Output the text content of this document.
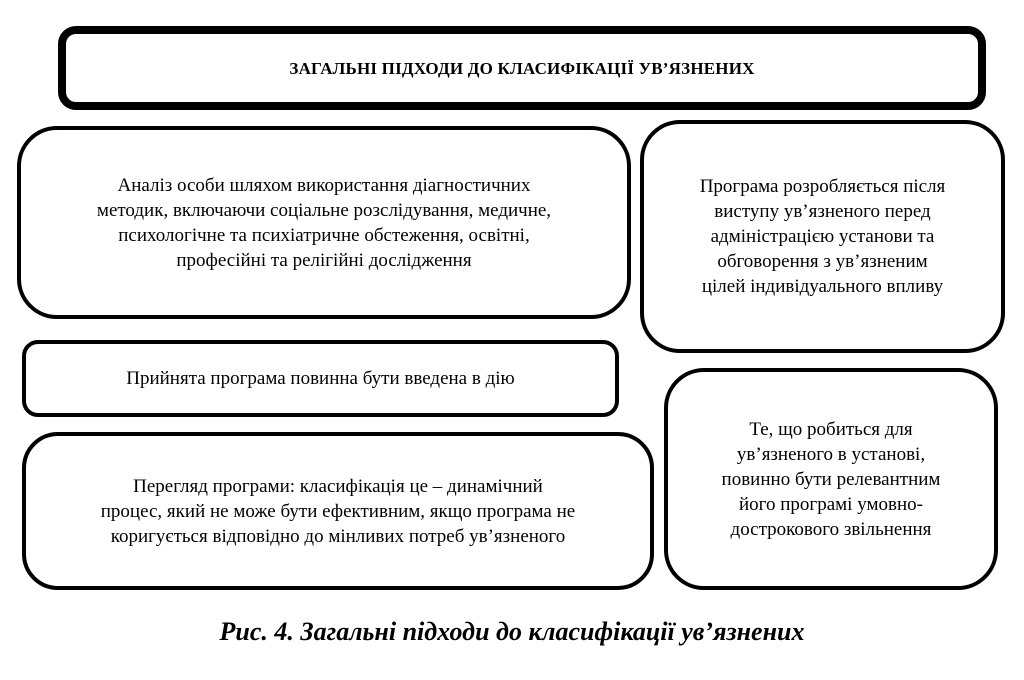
ЗАГАЛЬНІ ПІДХОДИ ДО КЛАСИФІКАЦІЇ УВ’ЯЗНЕНИХ
Аналіз особи шляхом використання діагностичних
методик, включаючи соціальне розслідування, медичне,
психологічне та психіатричне обстеження, освітні,
професійні та релігійні дослідження
Програма розробляється після
виступу ув’язненого перед
адміністрацією установи та
обговорення з ув’язненим
цілей індивідуального впливу
Прийнята програма повинна бути введена в дію
Перегляд програми: класифікація це – динамічний
процес, який не може бути ефективним, якщо програма не
коригується відповідно до мінливих потреб ув’язненого
Те, що робиться для
ув’язненого в установі,
повинно бути релевантним
його програмі умовно-
дострокового звільнення
Рис. 4. Загальні підходи до класифікації ув’язнених
